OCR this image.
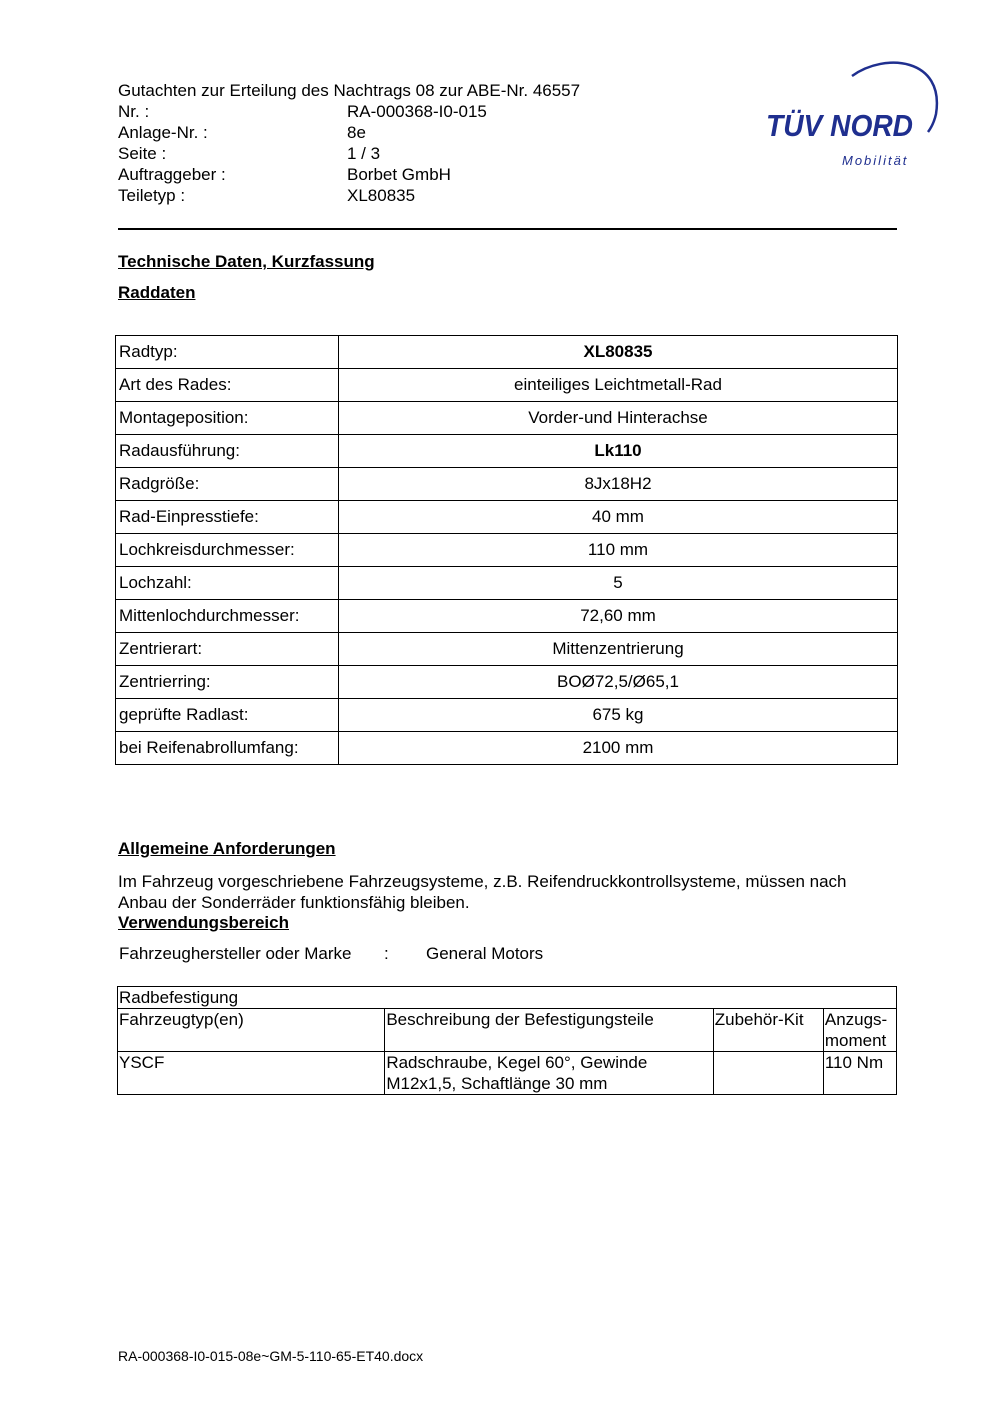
Gutachten zur Erteilung des Nachtrags 08 zur ABE-Nr. 46557
Nr. :	RA-000368-I0-015
Anlage-Nr. :	8e
Seite :	1 / 3
Auftraggeber :	Borbet GmbH
Teiletyp :	XL80835
TÜV NORD
Mobilität
Technische Daten, Kurzfassung
Raddaten
Radtyp:	XL80835
Art des Rades:	einteiliges Leichtmetall-Rad
Montageposition:	Vorder-und Hinterachse
Radausführung:	Lk110
Radgröße:	8Jx18H2
Rad-Einpresstiefe:	40 mm
Lochkreisdurchmesser:	110 mm
Lochzahl:	5
Mittenlochdurchmesser:	72,60 mm
Zentrierart:	Mittenzentrierung
Zentrierring:	BOØ72,5/Ø65,1
geprüfte Radlast:	675 kg
bei Reifenabrollumfang:	2100 mm
Allgemeine Anforderungen
Im Fahrzeug vorgeschriebene Fahrzeugsysteme, z.B. Reifendruckkontrollsysteme, müssen nach Anbau der Sonderräder funktionsfähig bleiben.
Verwendungsbereich
Fahrzeughersteller oder Marke	:	General Motors
Radbefestigung			
Fahrzeugtyp(en)	Beschreibung der Befestigungsteile	Zubehör-Kit	Anzugs-moment
YSCF	Radschraube, Kegel 60°, Gewinde M12x1,5, Schaftlänge 30 mm		110 Nm
RA-000368-I0-015-08e~GM-5-110-65-ET40.docx
